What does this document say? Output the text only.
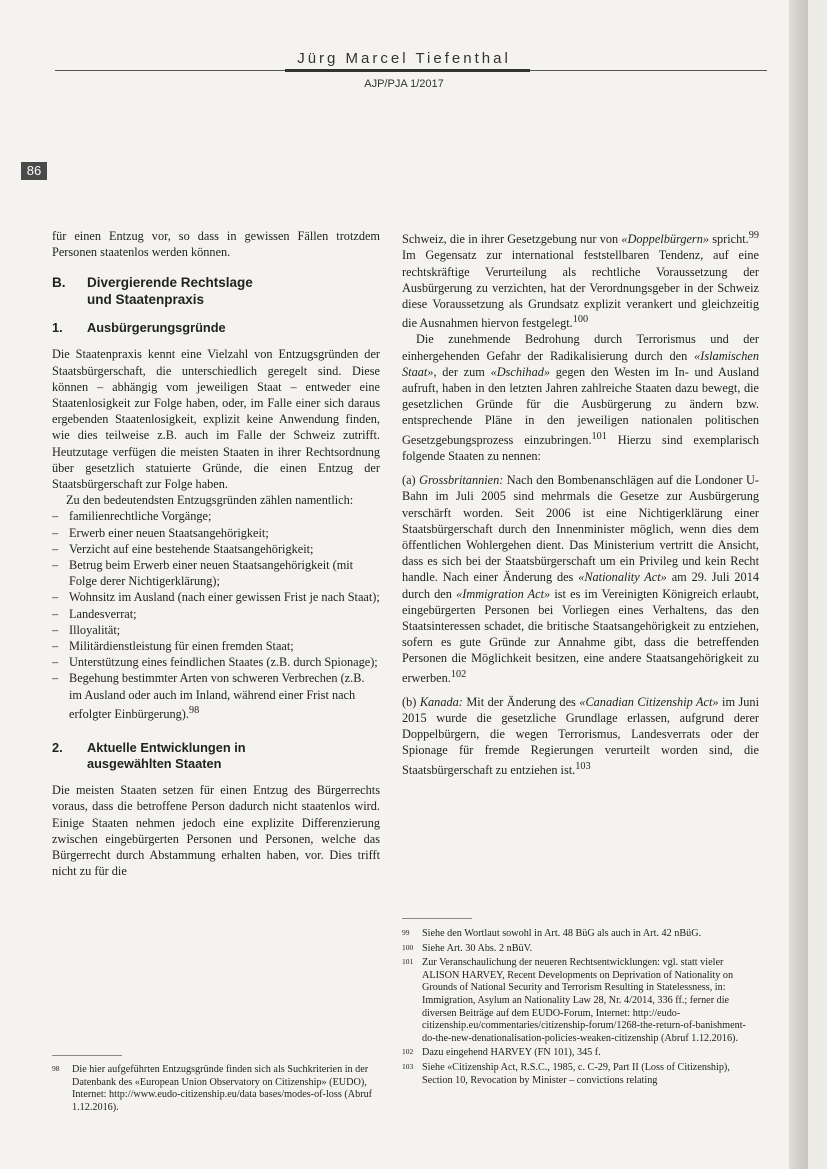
Jürg Marcel Tiefenthal
AJP/PJA 1/2017
86

für einen Entzug vor, so dass in gewissen Fällen trotzdem Personen staatenlos werden können.

B.	Divergierende Rechtslage
und Staatenpraxis
1.	Ausbürgerungsgründe

Die Staatenpraxis kennt eine Vielzahl von Entzugsgründen der Staatsbürgerschaft, die unterschiedlich geregelt sind. Diese können – abhängig vom jeweiligen Staat – entweder eine Staatenlosigkeit zur Folge haben, oder, im Falle einer sich daraus ergebenden Staatenlosigkeit, explizit keine Anwendung finden, wie dies teilweise z.B. auch im Falle der Schweiz zutrifft. Heutzutage verfügen die meisten Staaten in ihrer Rechtsordnung über gesetzlich statuierte Gründe, die einen Entzug der Staatsbürgerschaft zur Folge haben.

Zu den bedeutendsten Entzugsgründen zählen namentlich:

– familienrechtliche Vorgänge;
– Erwerb einer neuen Staatsangehörigkeit;
– Verzicht auf eine bestehende Staatsangehörigkeit;
– Betrug beim Erwerb einer neuen Staatsangehörigkeit (mit Folge derer Nichtigerklärung);
– Wohnsitz im Ausland (nach einer gewissen Frist je nach Staat);
– Landesverrat;
– Illoyalität;
– Militärdienstleistung für einen fremden Staat;
– Unterstützung eines feindlichen Staates (z.B. durch Spionage);
– Begehung bestimmter Arten von schweren Verbrechen (z.B. im Ausland oder auch im Inland, während einer Frist nach erfolgter Einbürgerung).$^{98}$
2.	Aktuelle Entwicklungen in
ausgewählten Staaten

Die meisten Staaten setzen für einen Entzug des Bürgerrechts voraus, dass die betroffene Person dadurch nicht staatenlos wird. Einige Staaten nehmen jedoch eine explizite Differenzierung zwischen eingebürgerten Personen und Personen, welche das Bürgerrecht durch Abstammung erhalten haben, vor. Dies trifft nicht zu für die

98	Die hier aufgeführten Entzugsgründe finden sich als Suchkriterien in der Datenbank des «European Union Observatory on Citizenship» (EUDO), Internet: http://www.eudo-citizenship.eu/data bases/modes-of-loss (Abruf 1.12.2016).

Schweiz, die in ihrer Gesetzgebung nur von «Doppelbürgern» spricht.$^{99}$ Im Gegensatz zur international feststellbaren Tendenz, auf eine rechtskräftige Verurteilung als rechtliche Voraussetzung der Ausbürgerung zu verzichten, hat der Verordnungsgeber in der Schweiz diese Voraussetzung als Grundsatz explizit verankert und gleichzeitig die Ausnahmen hiervon festgelegt.$^{100}$

Die zunehmende Bedrohung durch Terrorismus und der einhergehenden Gefahr der Radikalisierung durch den «Islamischen Staat», der zum «Dschihad» gegen den Westen im In- und Ausland aufruft, haben in den letzten Jahren zahlreiche Staaten dazu bewegt, die gesetzlichen Gründe für die Ausbürgerung zu ändern bzw. entsprechende Pläne in den jeweiligen nationalen politischen Gesetzgebungsprozess einzubringen.$^{101}$ Hierzu sind exemplarisch folgende Staaten zu nennen:

(a) Grossbritannien: Nach den Bombenanschlägen auf die Londoner U-Bahn im Juli 2005 sind mehrmals die Gesetze zur Ausbürgerung verschärft worden. Seit 2006 ist eine Nichtigerklärung einer Staatsbürgerschaft durch den Innenminister möglich, wenn dies dem öffentlichen Wohlergehen dient. Das Ministerium vertritt die Ansicht, dass es sich bei der Staatsbürgerschaft um ein Privileg und kein Recht handle. Nach einer Änderung des «Nationality Act» am 29. Juli 2014 durch den «Immigration Act» ist es im Vereinigten Königreich erlaubt, eingebürgerten Personen bei Vorliegen eines Verhaltens, das den Staatsinteressen schadet, die britische Staatsangehörigkeit zu entziehen, sofern es gute Gründe zur Annahme gibt, dass die betreffenden Personen die Möglichkeit besitzen, eine andere Staatsangehörigkeit zu erwerben.$^{102}$

(b) Kanada: Mit der Änderung des «Canadian Citizenship Act» im Juni 2015 wurde die gesetzliche Grundlage erlassen, aufgrund derer Doppelbürgern, die wegen Terrorismus, Landesverrats oder der Spionage für fremde Regierungen verurteilt worden sind, die Staatsbürgerschaft zu entziehen ist.$^{103}$

99	Siehe den Wortlaut sowohl in Art. 48 BüG als auch in Art. 42 nBüG.
100 Siehe Art. 30 Abs. 2 nBüV.
101 Zur Veranschaulichung der neueren Rechtsentwicklungen: vgl. statt vieler ALISON HARVEY, Recent Developments on Deprivation of Nationality on Grounds of National Security and Terrorism Resulting in Statelessness, in: Immigration, Asylum an Nationality Law 28, Nr. 4/2014, 336 ff.; ferner die diversen Beiträge auf dem EUDO-Forum, Internet: http://eudo-citizenship.eu/commentaries/citizenship-forum/1268-the-return-of-banishment-do-the-new-denationalisation-policies-weaken-citizenship (Abruf 1.12.2016).
102 Dazu eingehend HARVEY (FN 101), 345 f.
103 Siehe «Citizenship Act, R.S.C., 1985, c. C-29, Part II (Loss of Citizenship), Section 10, Revocation by Minister – convictions relating
